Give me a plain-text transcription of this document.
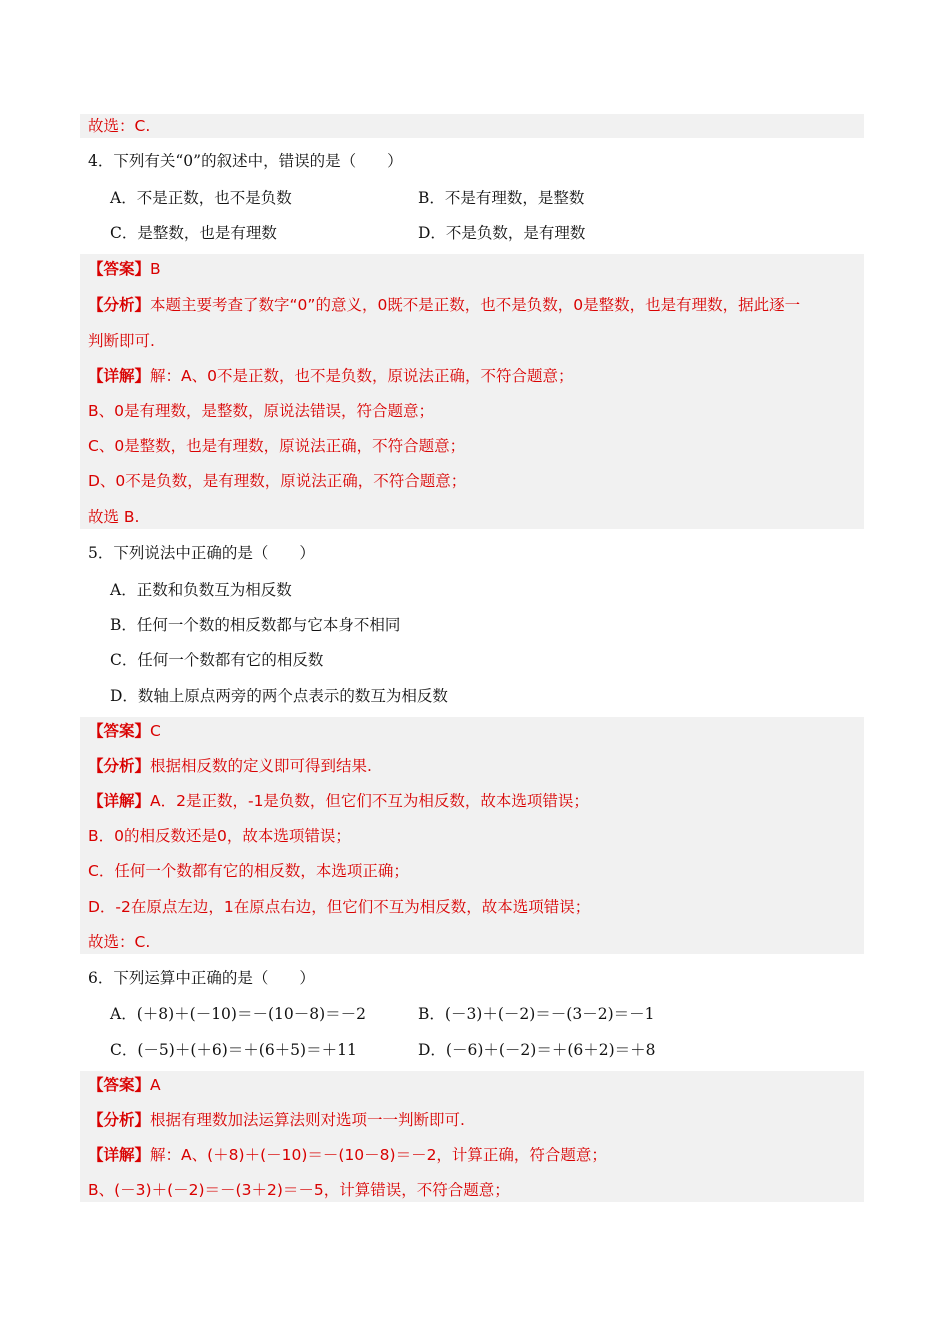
故选：C.
4．下列有关“0”的叙述中，错误的是（　　）
A．不是正数，也不是负数	B．不是有理数，是整数
C．是整数，也是有理数	D．不是负数，是有理数
【答案】B
【分析】本题主要考查了数字“0”的意义，0既不是正数，也不是负数，0是整数，也是有理数，据此逐一
判断即可.
【详解】解：A、0不是正数，也不是负数，原说法正确，不符合题意；
B、0是有理数，是整数，原说法错误，符合题意；
C、0是整数，也是有理数，原说法正确，不符合题意；
D、0不是负数，是有理数，原说法正确，不符合题意；
故选 B.
5．下列说法中正确的是（　　）
A．正数和负数互为相反数
B．任何一个数的相反数都与它本身不相同
C．任何一个数都有它的相反数
D．数轴上原点两旁的两个点表示的数互为相反数
【答案】C
【分析】根据相反数的定义即可得到结果.
【详解】A．2是正数，-1是负数，但它们不互为相反数，故本选项错误；
B．0的相反数还是0，故本选项错误；
C．任何一个数都有它的相反数，本选项正确；
D．-2在原点左边，1在原点右边，但它们不互为相反数，故本选项错误；
故选：C.
6．下列运算中正确的是（　　）
A．(＋8)＋(－10)＝－(10－8)＝－2	B．(－3)＋(－2)＝－(3－2)＝－1
C．(－5)＋(＋6)＝＋(6＋5)＝＋11	D．(－6)＋(－2)＝＋(6＋2)＝＋8
【答案】A
【分析】根据有理数加法运算法则对选项一一判断即可.
【详解】解：A、(＋8)＋(－10)＝－(10－8)＝－2，计算正确，符合题意；
B、(－3)＋(－2)＝－(3＋2)＝－5，计算错误，不符合题意；
